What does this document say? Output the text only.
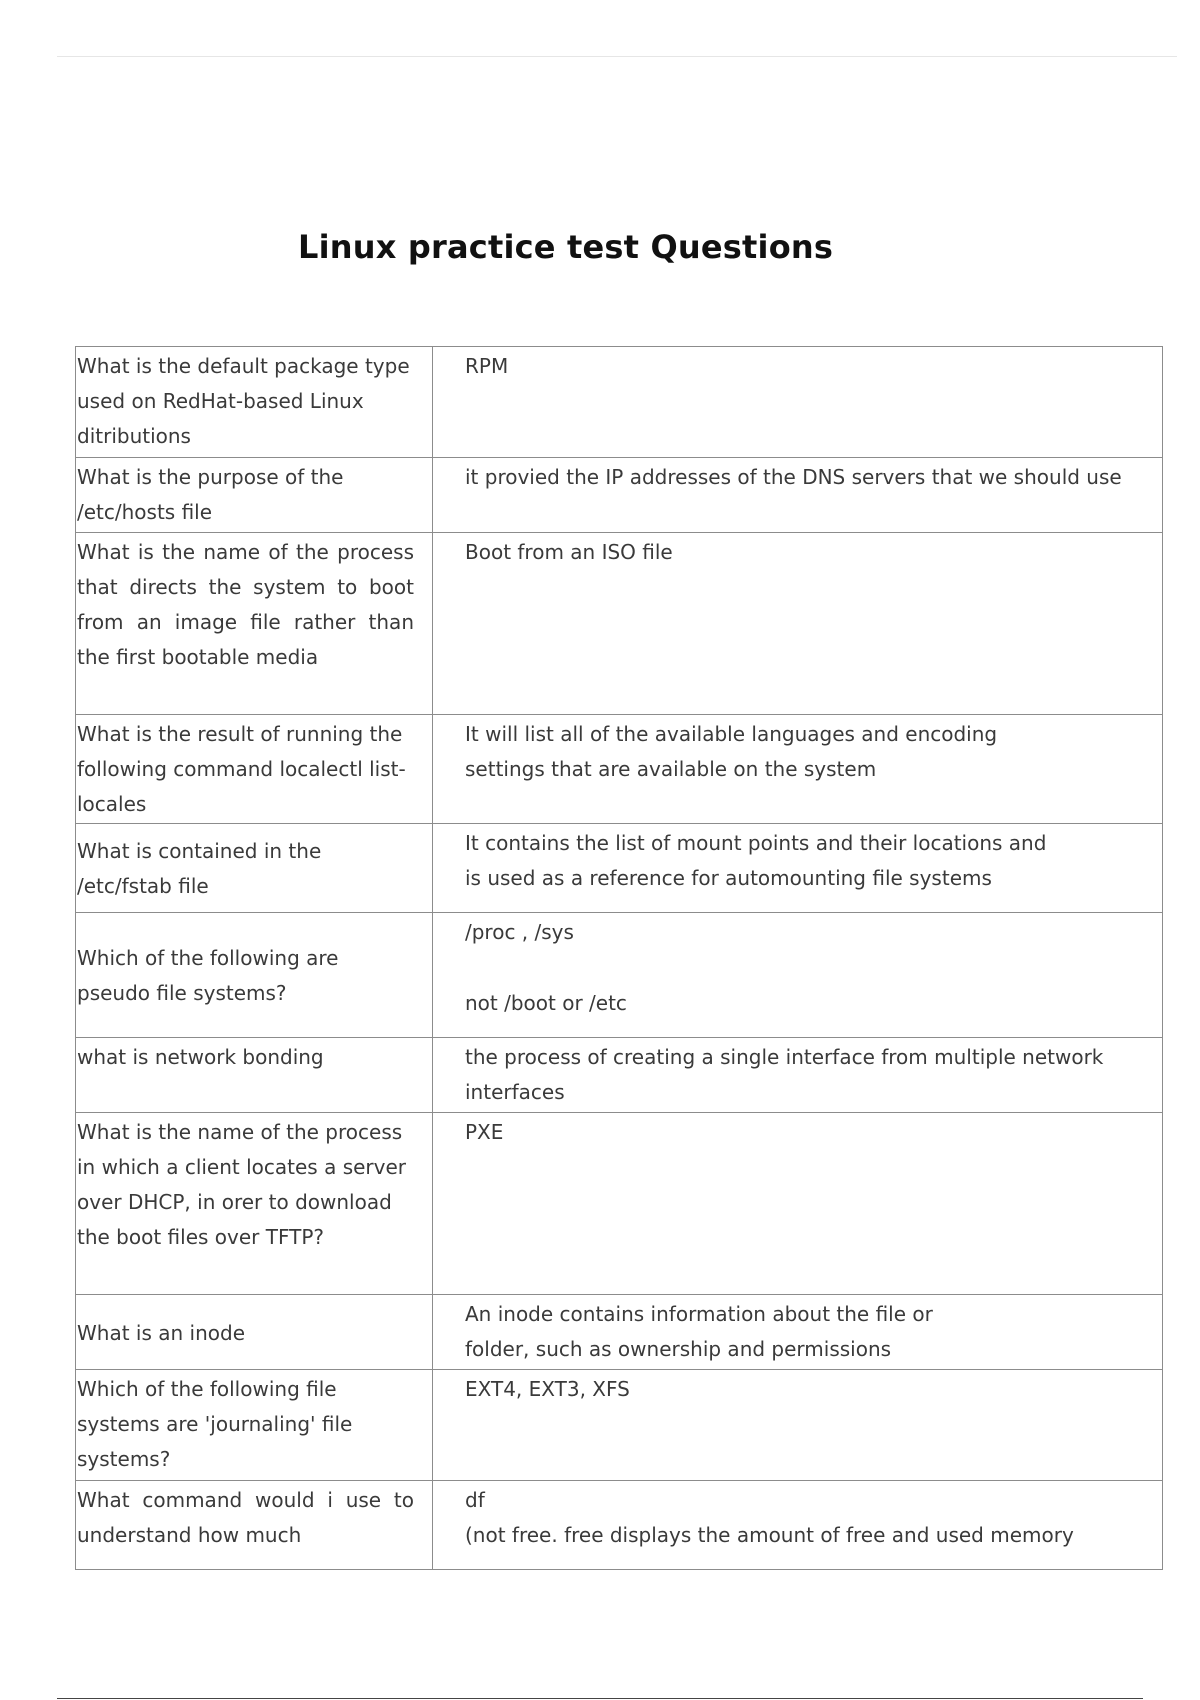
Linux practice test Questions
What is the default package type used on RedHat-based Linux ditributions	RPM

What is the purpose of the /etc/hosts file	it provied the IP addresses of the DNS servers that we should use

What is the name of the process that directs the system to boot from an image file rather than the first bootable media	Boot from an ISO file

What is the result of running the following command localectl list-locales	It will list all of the available languages and encoding
settings that are available on the system

What is contained in the /etc/fstab file	It contains the list of mount points and their locations and
is used as a reference for automounting file systems

Which of the following are pseudo file systems?	/proc , /sys
not /boot or /etc

what is network bonding	the process of creating a single interface from multiple network
interfaces

What is the name of the process in which a client locates a server over DHCP, in orer to download the boot files over TFTP?	PXE

What is an inode	An inode contains information about the file or
folder, such as ownership and permissions

Which of the following file systems are 'journaling' file systems?	EXT4, EXT3, XFS

What command would i use to understand how much	df
(not free. free displays the amount of free and used memory
